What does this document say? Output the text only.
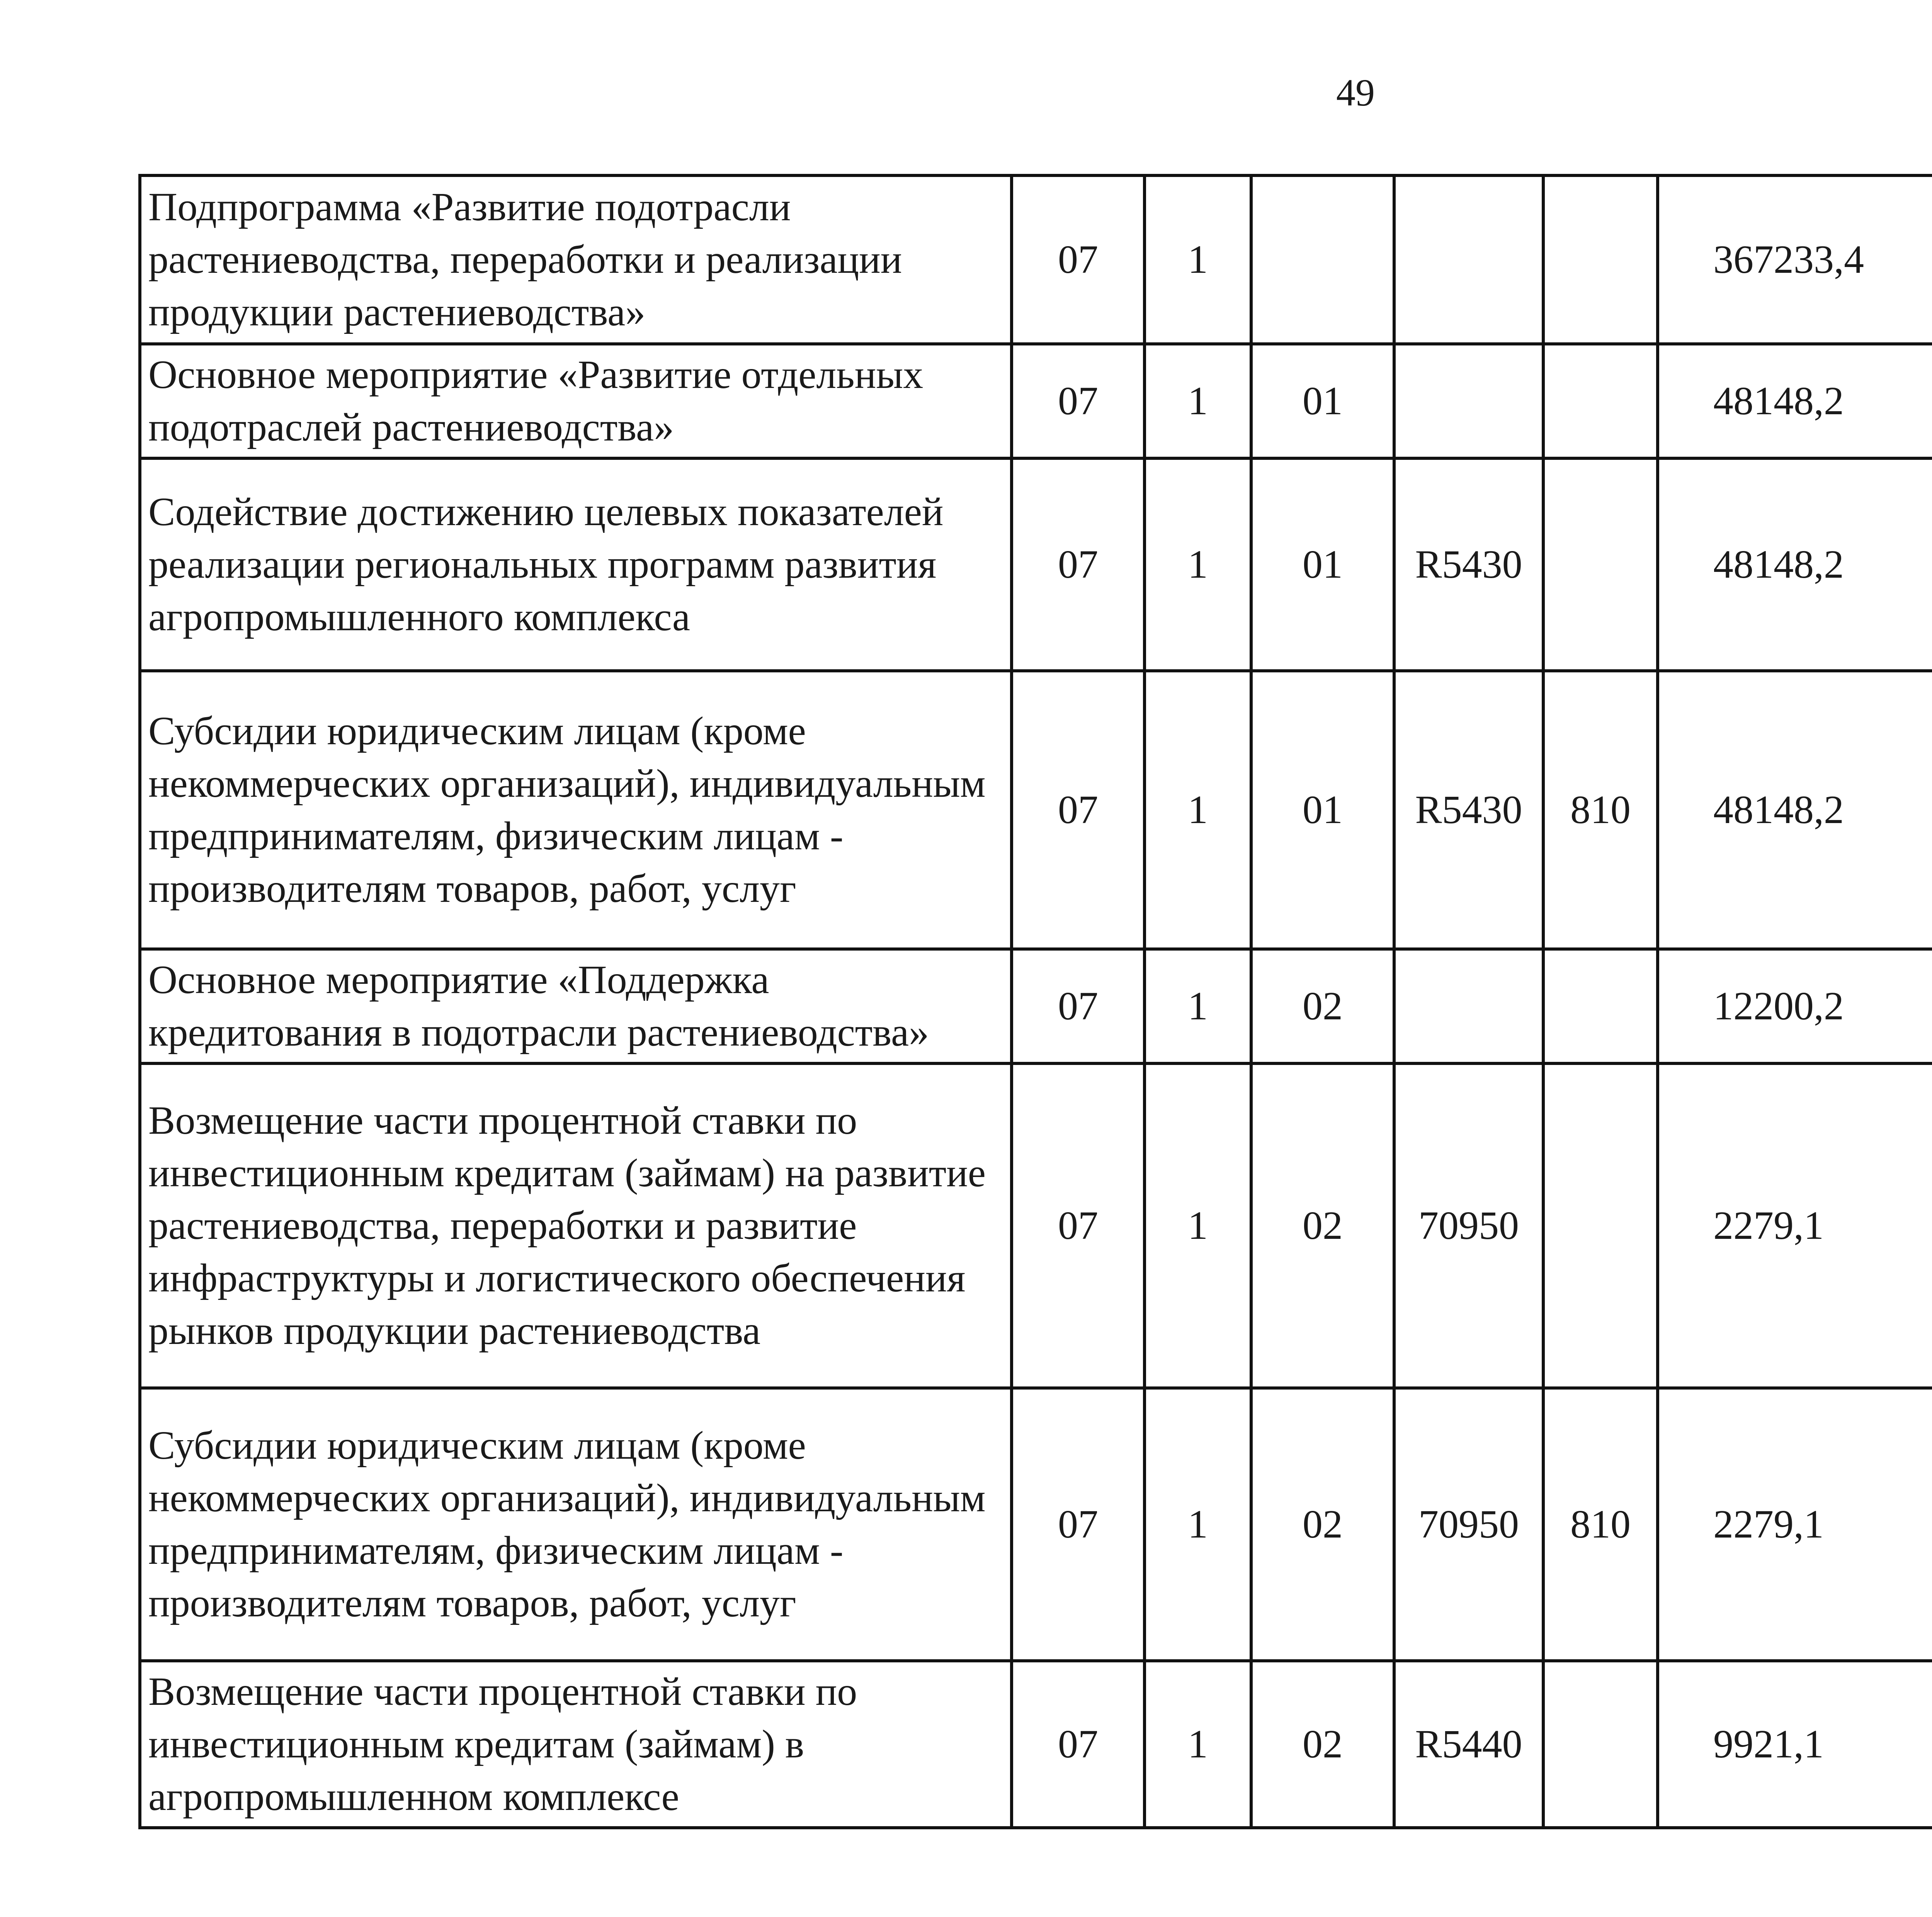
49
Подпрограмма «Развитие подотрасли растениеводства, переработки и реализации продукции растениеводства»	07	1				367233,4		
Основное мероприятие «Развитие отдельных подотраслей растениеводства»	07	1	01			48148,2		
Содействие достижению целевых показателей реализации региональных программ развития агропромышленного комплекса	07	1	01	R5430		48148,2		
Субсидии юридическим лицам (кроме некоммерческих организаций), индивидуальным предпринимателям, физическим лицам - производителям товаров, работ, услуг	07	1	01	R5430	810	48148,2		
Основное мероприятие «Поддержка кредитования в подотрасли растениеводства»	07	1	02			12200,2		
Возмещение части процентной ставки по инвестиционным кредитам (займам) на развитие растениеводства, переработки и развитие инфраструктуры и логистического обеспечения рынков продукции растениеводства	07	1	02	70950		2279,1		
Субсидии юридическим лицам (кроме некоммерческих организаций), индивидуальным предпринимателям, физическим лицам - производителям товаров, работ, услуг	07	1	02	70950	810	2279,1		
Возмещение части процентной ставки по инвестиционным кредитам (займам) в агропромышленном комплексе	07	1	02	R5440		9921,1		
